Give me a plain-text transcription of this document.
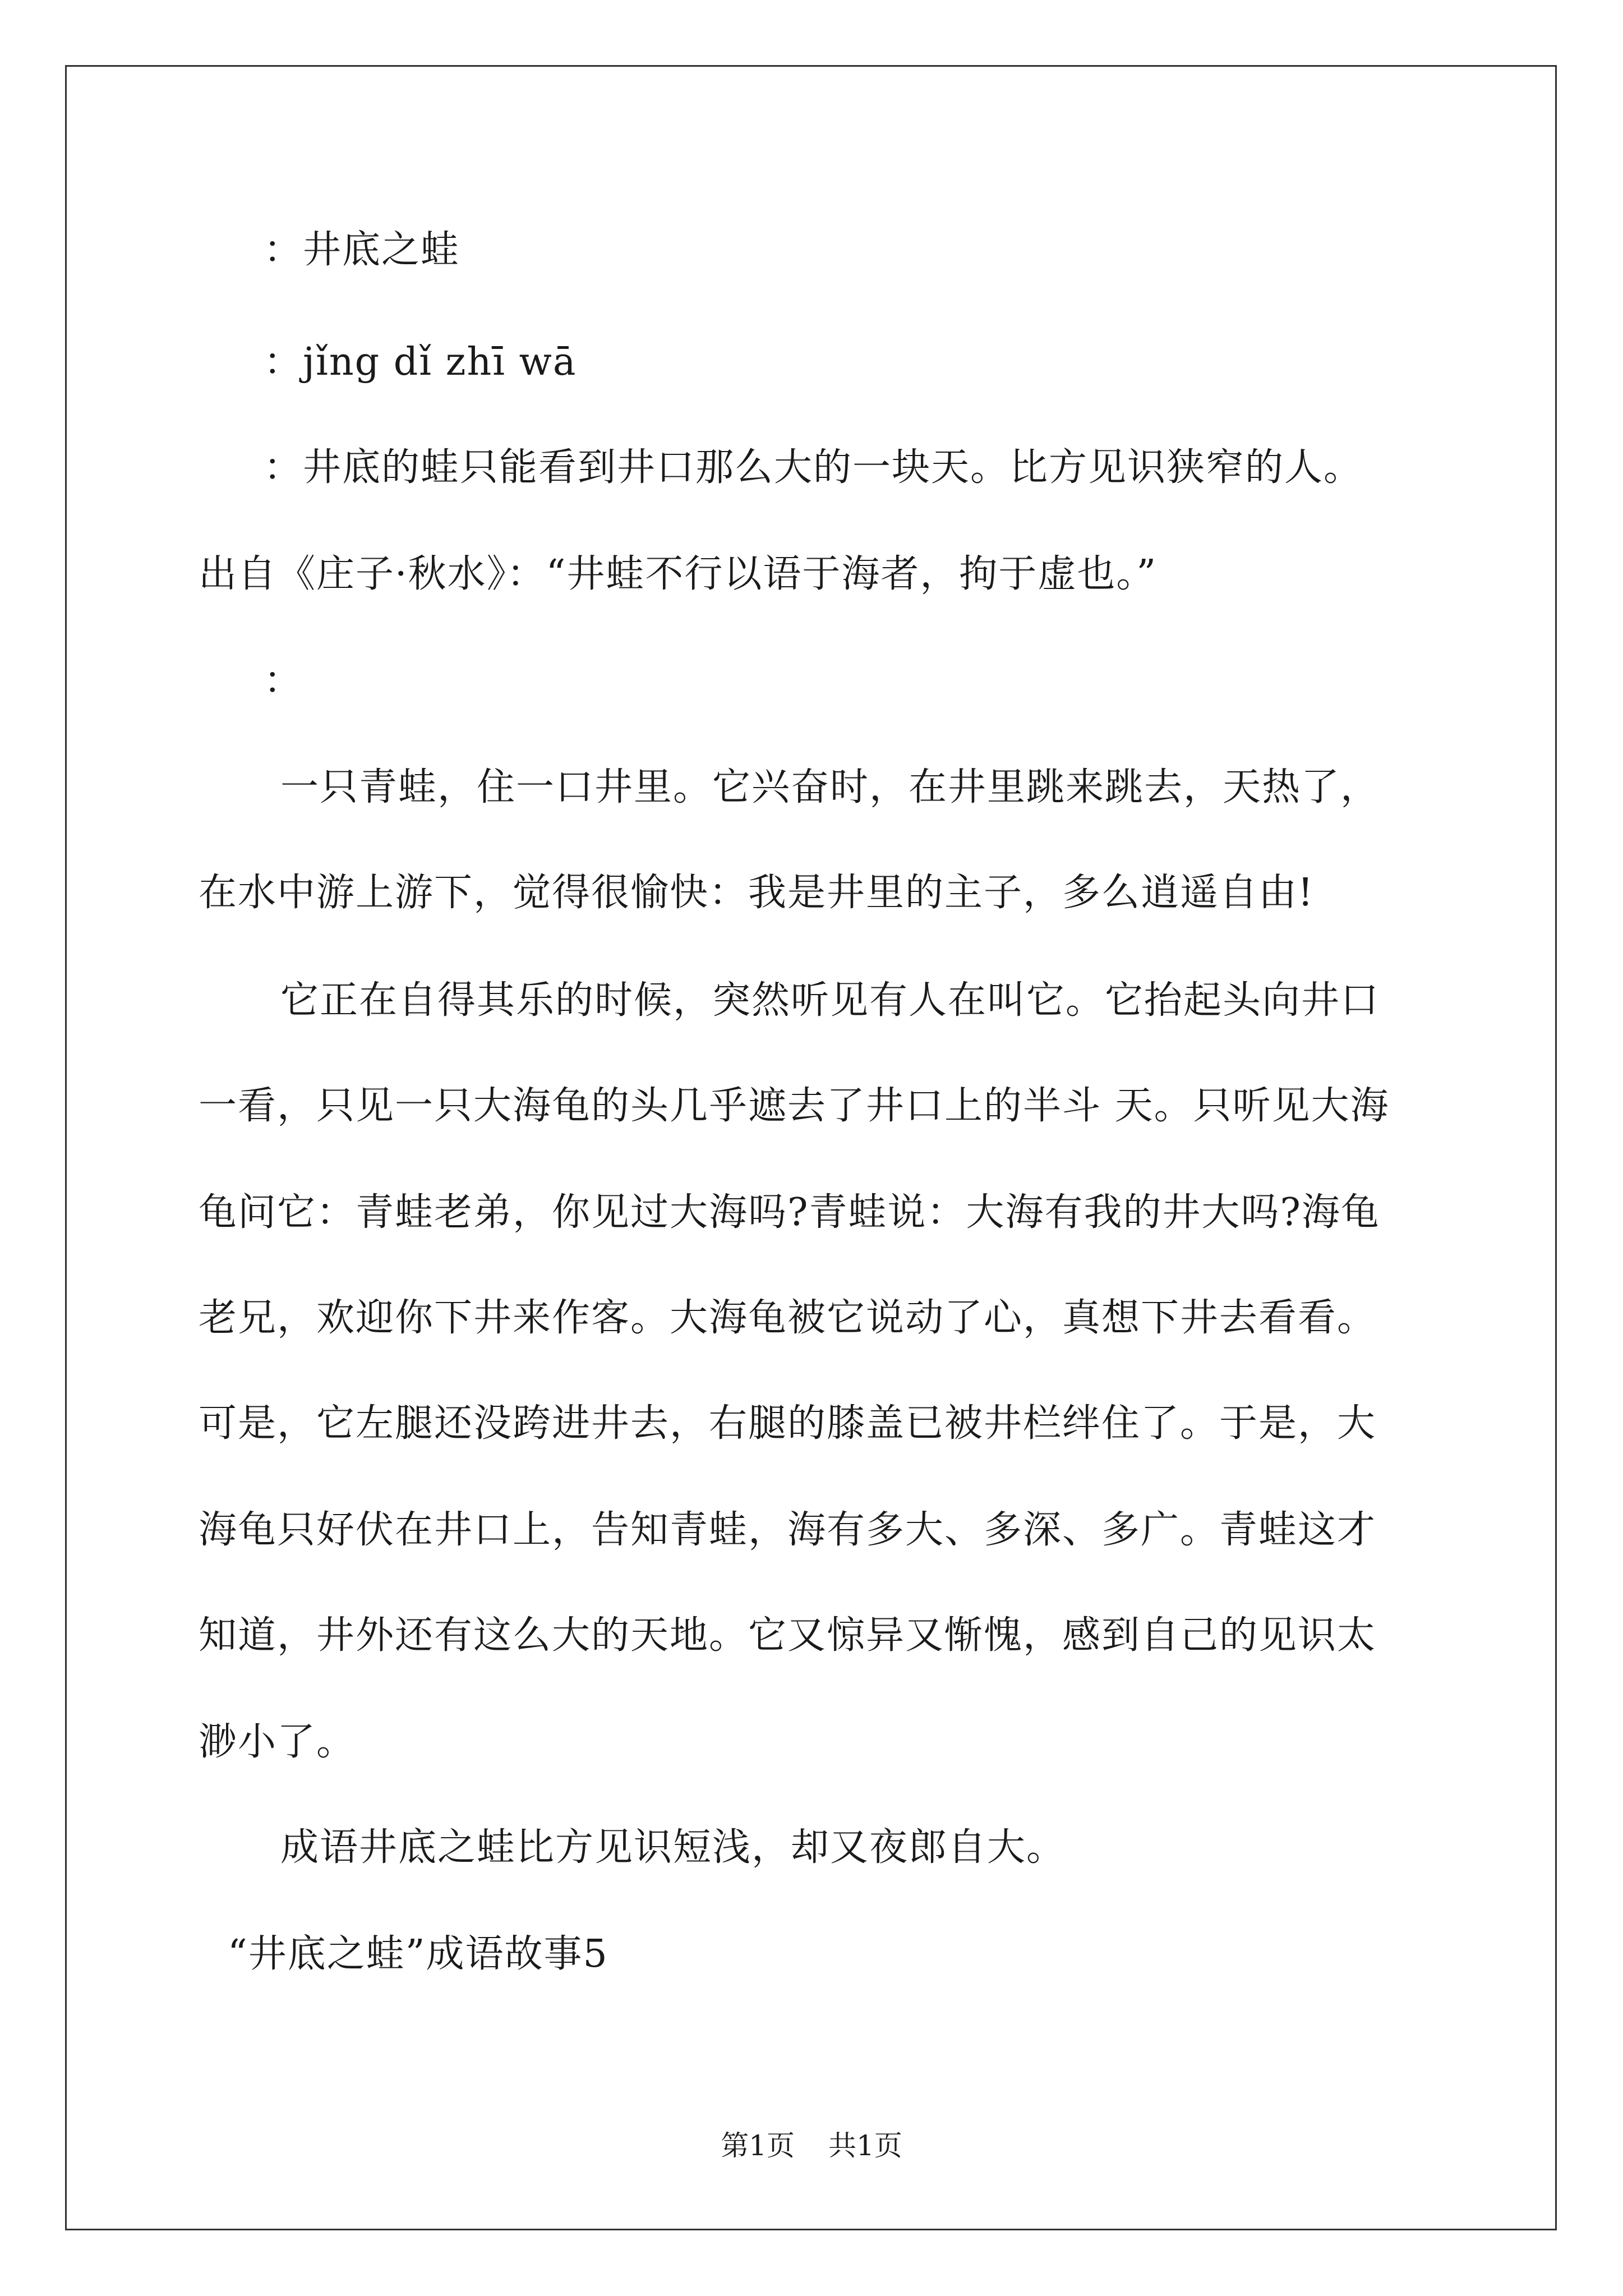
：井底之蛙
：jǐng dǐ zhī wā
：井底的蛙只能看到井口那么大的一块天。比方见识狭窄的人。
出自《庄子·秋水》：“井蛙不行以语于海者，拘于虚也。”
：
一只青蛙，住一口井里。它兴奋时，在井里跳来跳去，天热了，
在水中游上游下，觉得很愉快：我是井里的主子，多么逍遥自由!
它正在自得其乐的时候，突然听见有人在叫它。它抬起头向井口
一看，只见一只大海龟的头几乎遮去了井口上的半斗 天。只听见大海
龟问它：青蛙老弟，你见过大海吗?青蛙说：大海有我的井大吗?海龟
老兄，欢迎你下井来作客。大海龟被它说动了心，真想下井去看看。
可是，它左腿还没跨进井去，右腿的膝盖已被井栏绊住了。于是，大
海龟只好伏在井口上，告知青蛙，海有多大、多深、多广。青蛙这才
知道，井外还有这么大的天地。它又惊异又惭愧，感到自己的见识太
渺小了。
成语井底之蛙比方见识短浅，却又夜郎自大。
“井底之蛙”成语故事5
第1页 共1页
